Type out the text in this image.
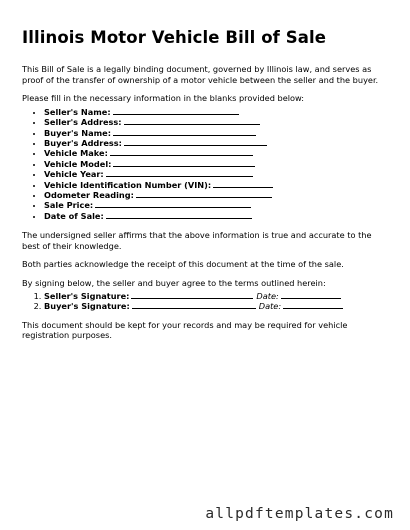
Illinois Motor Vehicle Bill of Sale

This Bill of Sale is a legally binding document, governed by Illinois law, and serves as proof of the transfer of ownership of a motor vehicle between the seller and the buyer.

Please fill in the necessary information in the blanks provided below:

• Seller's Name:
• Seller's Address:
• Buyer's Name:
• Buyer's Address:
• Vehicle Make:
• Vehicle Model:
• Vehicle Year:
• Vehicle Identification Number (VIN):
• Odometer Reading:
• Sale Price:
• Date of Sale:

The undersigned seller affirms that the above information is true and accurate to the best of their knowledge.

Both parties acknowledge the receipt of this document at the time of the sale.

By signing below, the seller and buyer agree to the terms outlined herein:

1. Seller's Signature:	Date:
2. Buyer's Signature:	Date:

This document should be kept for your records and may be required for vehicle registration purposes.

allpdftemplates.com
